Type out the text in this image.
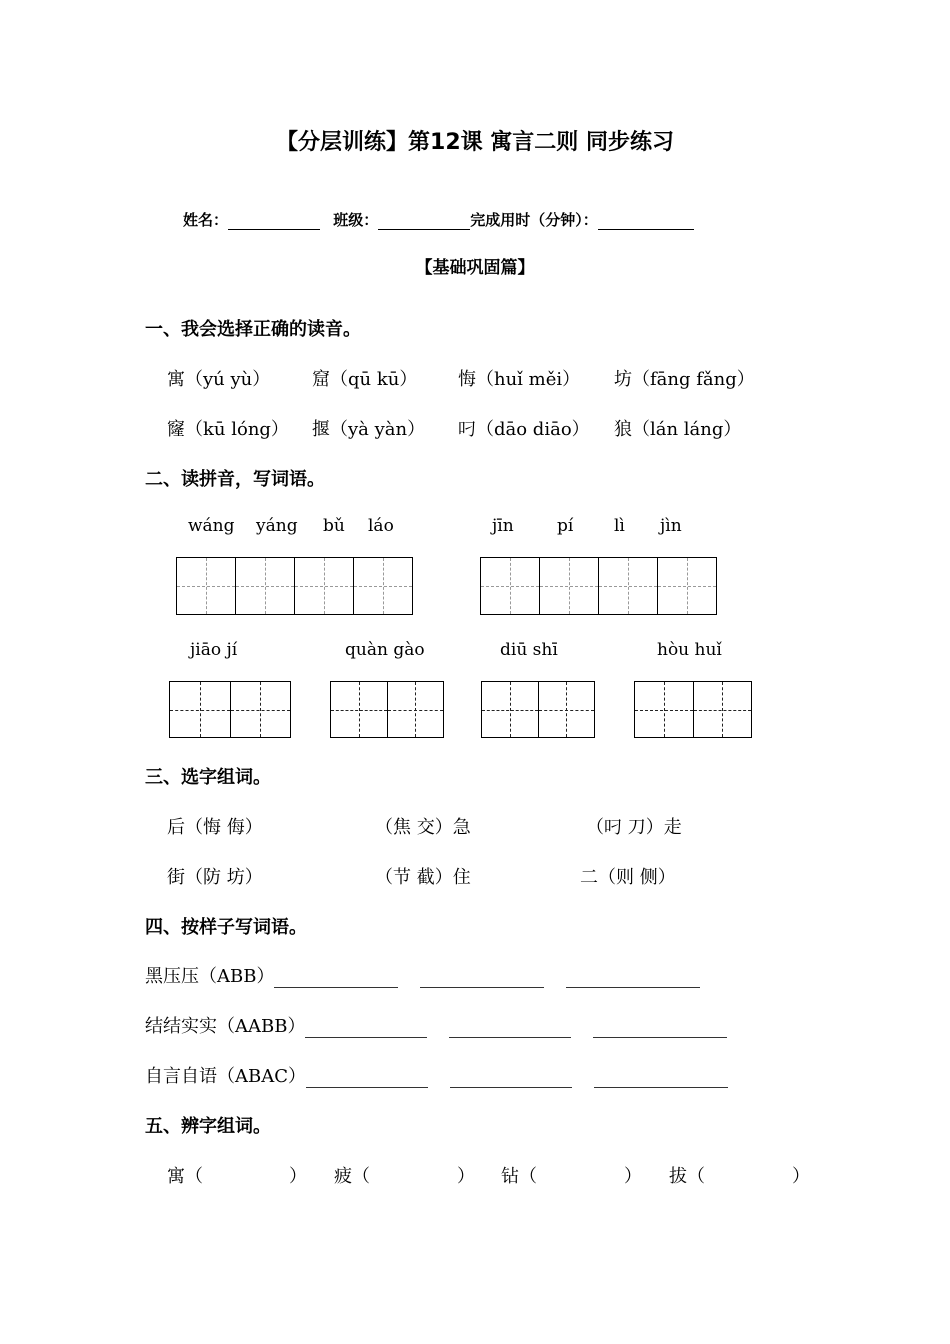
【分层训练】第12课 寓言二则 同步练习
姓名：	班级：	完成用时（分钟）：
【基础巩固篇】
一、我会选择正确的读音。
寓（yú yù） 窟（qū kū） 悔（huǐ měi） 坊（fāng fǎng）
窿（kū lóng） 揠（yà yàn） 叼（dāo diāo） 狼（lán láng）
二、读拼音，写词语。
wáng yáng bǔ láo	jīn	pí lì jìn
jiāo jí	quàn gào	diū shī	hòu huǐ
三、选字组词。
后（悔 侮）	（焦 交）急	（叼 刀）走
街（防 坊）	（节 截）住	二（则 侧）
四、按样子写词语。
黑压压（ABB）
结结实实（AABB）
自言自语（ABAC）
五、辨字组词。
寓（	） 疲（	） 钻（	） 拔（	）
